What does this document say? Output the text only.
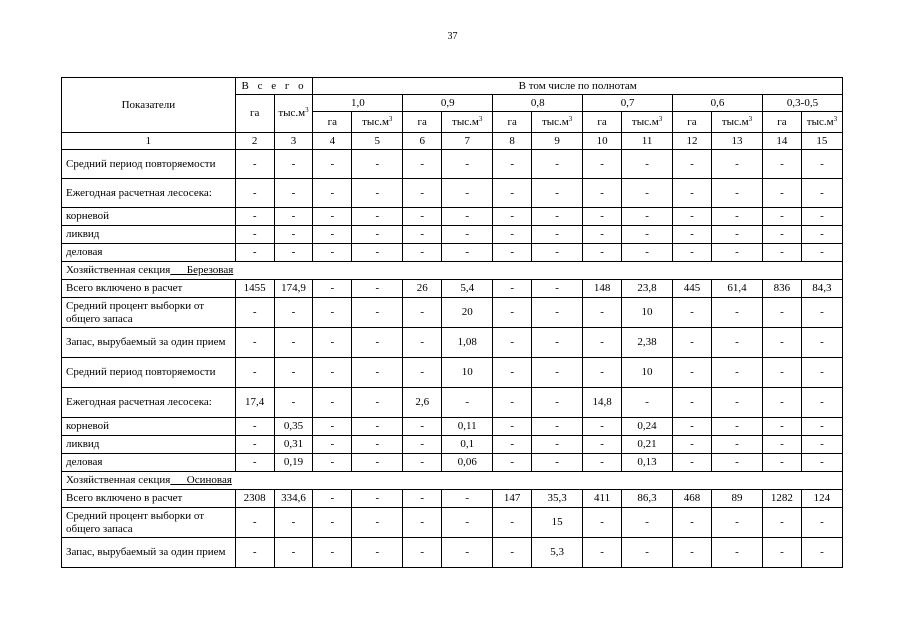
37
Показатели	В с е г о		В том числе по полнотам											
	га	$тыс.м^3$	1,0		0,9		0,8		0,7		0,6		0,3-0,5	
			га	$тыс.м^3$	га	$тыс.м^3$	га	$тыс.м^3$	га	$тыс.м^3$	га	$тыс.м^3$	га	$тыс.м^3$
1	2	3	4	5	6	7	8	9	10	11	12	13	14	15
Средний период повторяемости	-	-	-	-	-	-	-	-	-	-	-	-	-	-
Ежегодная расчетная лесосека:	-	-	-	-	-	-	-	-	-	-	-	-	-	-
корневой	-	-	-	-	-	-	-	-	-	-	-	-	-	-
ликвид	-	-	-	-	-	-	-	-	-	-	-	-	-	-
деловая	-	-	-	-	-	-	-	-	-	-	-	-	-	-
Хозяйственная секция Березовая														
Всего включено в расчет	1455	174,9	-	-	26	5,4	-	-	148	23,8	445	61,4	836	84,3
Средний процент выборки от общего запаса	-	-	-	-	-	20	-	-	-	10	-	-	-	-
Запас, вырубаемый за один прием	-	-	-	-	-	1,08	-	-	-	2,38	-	-	-	-
Средний период повторяемости	-	-	-	-	-	10	-	-	-	10	-	-	-	-
Ежегодная расчетная лесосека:	17,4	-	-	-	2,6	-	-	-	14,8	-	-	-	-	-
корневой	-	0,35	-	-	-	0,11	-	-	-	0,24	-	-	-	-
ликвид	-	0,31	-	-	-	0,1	-	-	-	0,21	-	-	-	-
деловая	-	0,19	-	-	-	0,06	-	-	-	0,13	-	-	-	-
Хозяйственная секция Осиновая														
Всего включено в расчет	2308	334,6	-	-	-	-	147	35,3	411	86,3	468	89	1282	124
Средний процент выборки от общего запаса	-	-	-	-	-	-	-	15	-	-	-	-	-	-
Запас, вырубаемый за один прием	-	-	-	-	-	-	-	5,3	-	-	-	-	-	-
